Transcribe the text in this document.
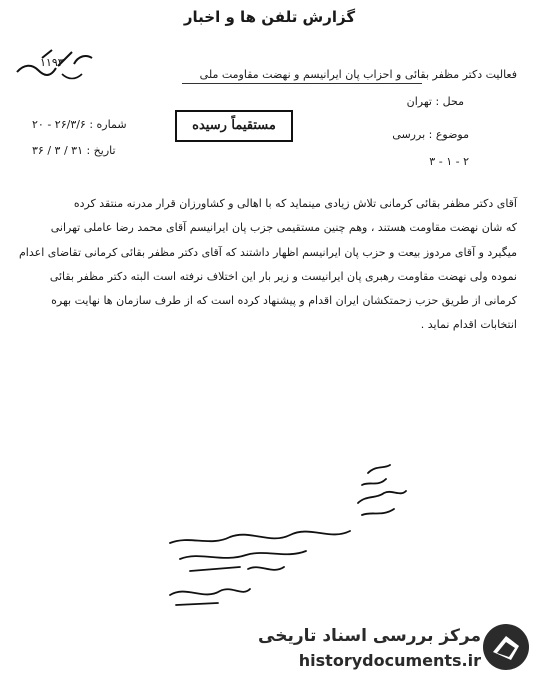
گزارش تلفن ها و اخبار
۱۱۹۳
فعالیت دکتر مظفر بقائی و احزاب پان ایرانیسم و نهضت مقاومت ملی
محل : تهران
موضوع : بررسی
۲ - ۱ - ۳
شماره : ۲۶/۳/۶ - ۲۰
تاریخ : ۳۱ / ۳ / ۳۶
مستقیماً رسیده

آقای دکتر مظفر بقائی کرمانی تلاش زیادی مینماید که با اهالی و کشاورزان قرار مدرنه منتقد کرده

که شان نهضت مقاومت هستند ، وهم چنین مستقیمی جزب پان ایرانیسم آقای محمد رضا عاملی تهرانی

میگیرد و آقای مردوز بیعت و حزب پان ایرانیسم اظهار داشتند که آقای دکتر مظفر بقائی کرمانی تقاضای اعدام

نموده ولی نهضت مقاومت رهبری پان ایرانیست و زیر بار این اختلاف نرفته است البته دکتر مظفر بقائی

کرمانی از طریق حزب زحمتکشان ایران اقدام و پیشنهاد کرده است که از طرف سازمان ها نهایت بهره

انتخابات اقدام نماید .

مرکز بررسی اسناد تاریخی
historydocuments.ir
